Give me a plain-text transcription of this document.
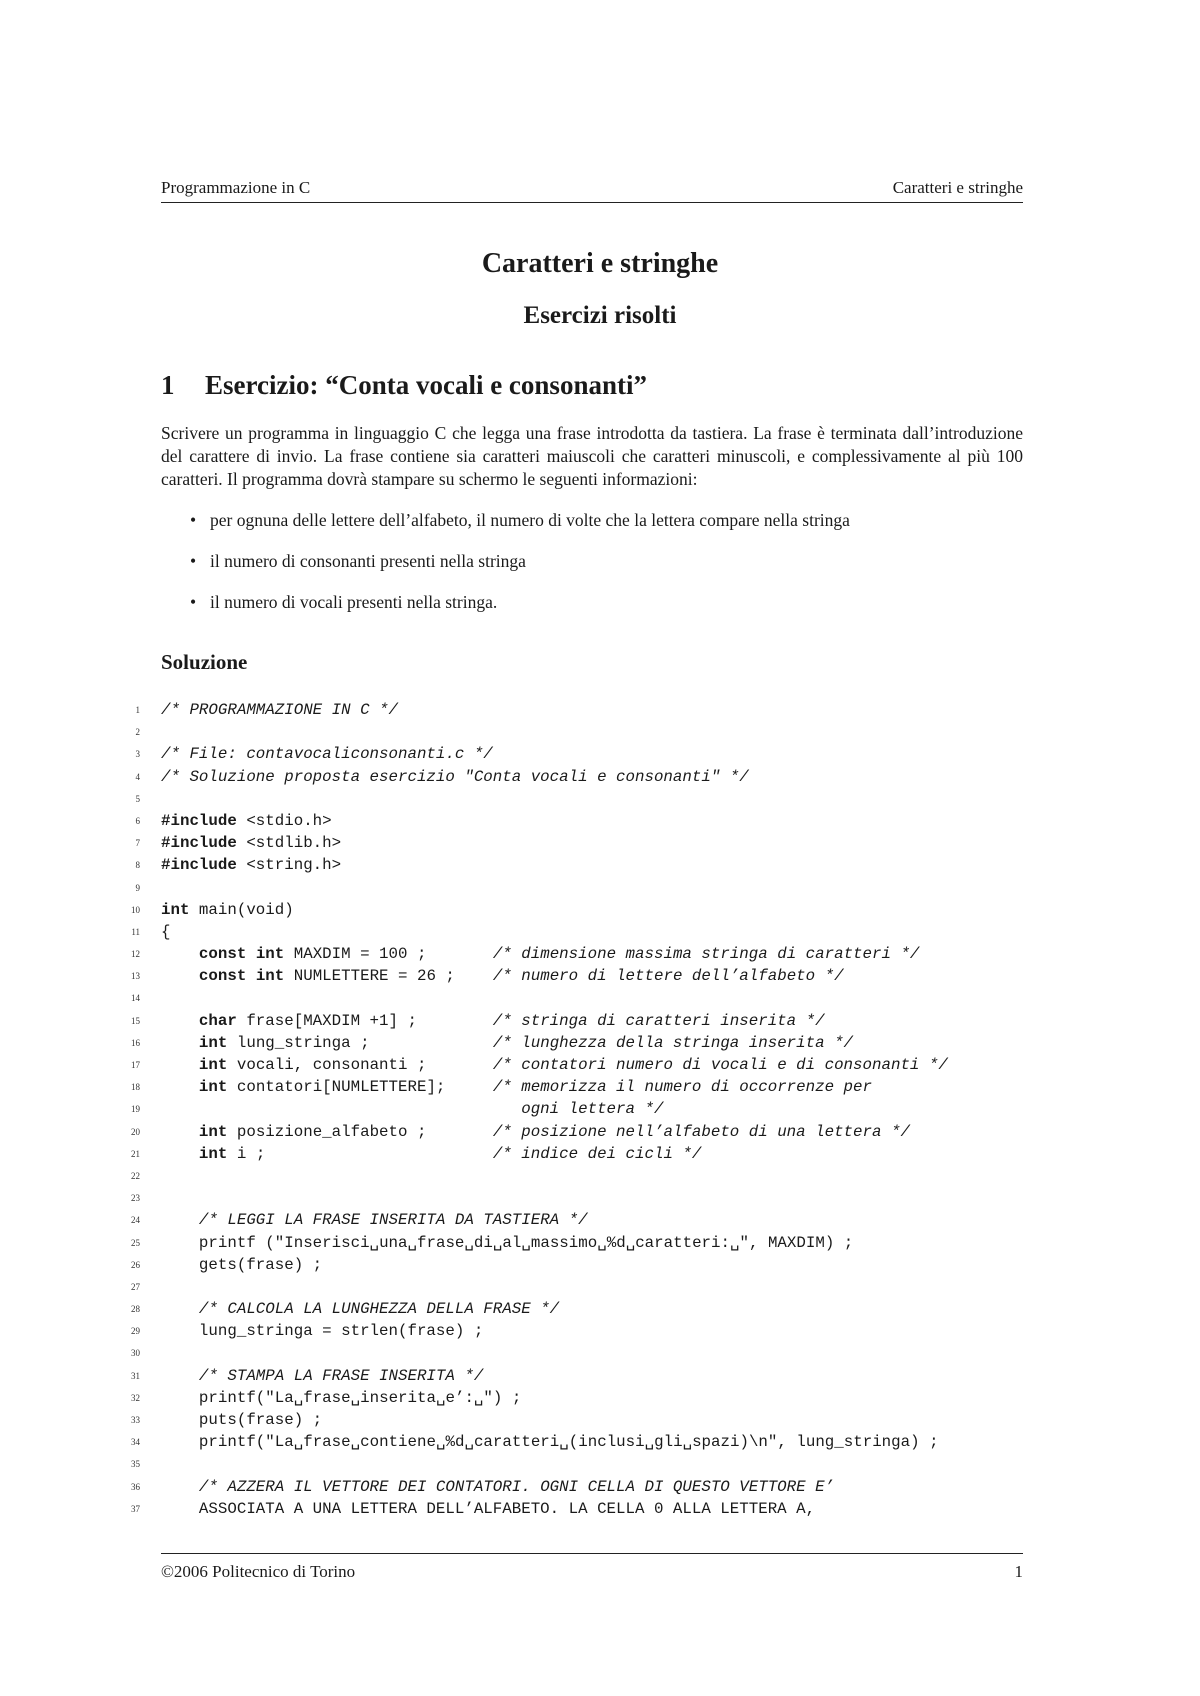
Programmazione in C	Caratteri e stringhe
Caratteri e stringhe
Esercizi risolti
1 Esercizio: “Conta vocali e consonanti”
Scrivere un programma in linguaggio C che legga una frase introdotta da tastiera. La frase è terminata dall’introduzione del carattere di invio. La frase contiene sia caratteri maiuscoli che caratteri minuscoli, e complessivamente al più 100 caratteri. Il programma dovrà stampare su schermo le seguenti informazioni:
• per ognuna delle lettere dell’alfabeto, il numero di volte che la lettera compare nella stringa
• il numero di consonanti presenti nella stringa
• il numero di vocali presenti nella stringa.
Soluzione
1 /* PROGRAMMAZIONE IN C */
2
3 /* File: contavocaliconsonanti.c */
4 /* Soluzione proposta esercizio "Conta vocali e consonanti" */
5
6 #include <stdio.h>
7 #include <stdlib.h>
8 #include <string.h>
9
10 int main(void)
11 {
12	const int MAXDIM = 100 ;       /* dimensione massima stringa di caratteri */
13	const int NUMLETTERE = 26 ;    /* numero di lettere dell’alfabeto */
14
15	char frase[MAXDIM +1] ;        /* stringa di caratteri inserita */
16	int lung_stringa ;             /* lunghezza della stringa inserita */
17	int vocali, consonanti ;       /* contatori numero di vocali e di consonanti */
18	int contatori[NUMLETTERE];     /* memorizza il numero di occorrenze per
19 ogni lettera */
20	int posizione_alfabeto ;       /* posizione nell’alfabeto di una lettera */
21	int i ;                        /* indice dei cicli */
22
23
24	/* LEGGI LA FRASE INSERITA DA TASTIERA */
25 printf ("Inserisci␣una␣frase␣di␣al␣massimo␣%d␣caratteri:␣", MAXDIM) ;
26 gets(frase) ;
27
28	/* CALCOLA LA LUNGHEZZA DELLA FRASE */
29 lung_stringa = strlen(frase) ;
30
31	/* STAMPA LA FRASE INSERITA */
32 printf("La␣frase␣inserita␣e’:␣") ;
33 puts(frase) ;
34 printf("La␣frase␣contiene␣%d␣caratteri␣(inclusi␣gli␣spazi)\n", lung_stringa) ;
35
36	/* AZZERA IL VETTORE DEI CONTATORI. OGNI CELLA DI QUESTO VETTORE E’
37 ASSOCIATA A UNA LETTERA DELL’ALFABETO. LA CELLA 0 ALLA LETTERA A,
©2006 Politecnico di Torino	1
